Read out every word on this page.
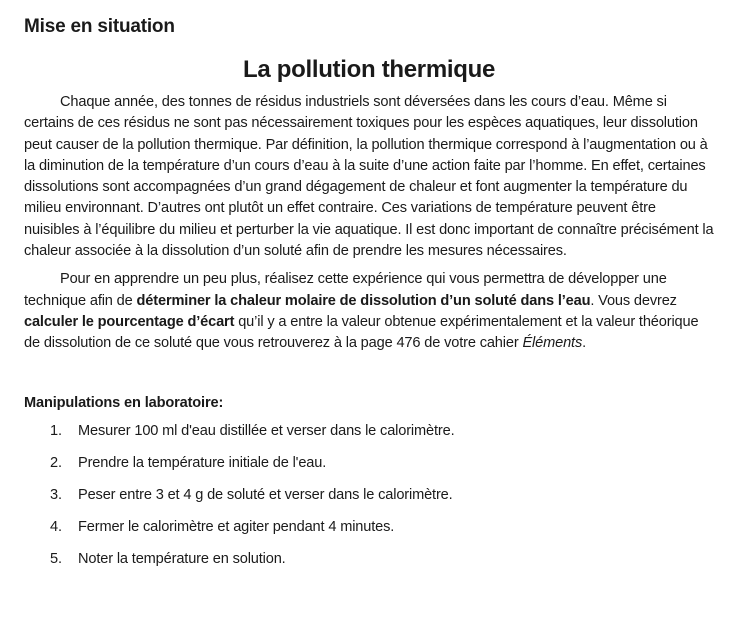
Mise en situation
La pollution thermique

Chaque année, des tonnes de résidus industriels sont déversées dans les cours d’eau. Même si certains de ces résidus ne sont pas nécessairement toxiques pour les espèces aquatiques, leur dissolution peut causer de la pollution thermique. Par définition, la pollution thermique correspond à l’augmentation ou à la diminution de la température d’un cours d’eau à la suite d’une action faite par l’homme. En effet, certaines dissolutions sont accompagnées d’un grand dégagement de chaleur et font augmenter la température du milieu environnant. D’autres ont plutôt un effet contraire. Ces variations de température peuvent être nuisibles à l’équilibre du milieu et perturber la vie aquatique. Il est donc important de connaître précisément la chaleur associée à la dissolution d’un soluté afin de prendre les mesures nécessaires.

Pour en apprendre un peu plus, réalisez cette expérience qui vous permettra de développer une technique afin de déterminer la chaleur molaire de dissolution d’un soluté dans l’eau. Vous devrez calculer le pourcentage d’écart qu’il y a entre la valeur obtenue expérimentalement et la valeur théorique de dissolution de ce soluté que vous retrouverez à la page 476 de votre cahier Éléments.

Manipulations en laboratoire:
1.	Mesurer 100 ml d'eau distillée et verser dans le calorimètre.
2.	Prendre la température initiale de l'eau.
3.	Peser entre 3 et 4 g de soluté et verser dans le calorimètre.
4.	Fermer le calorimètre et agiter pendant 4 minutes.
5.	Noter la température en solution.
